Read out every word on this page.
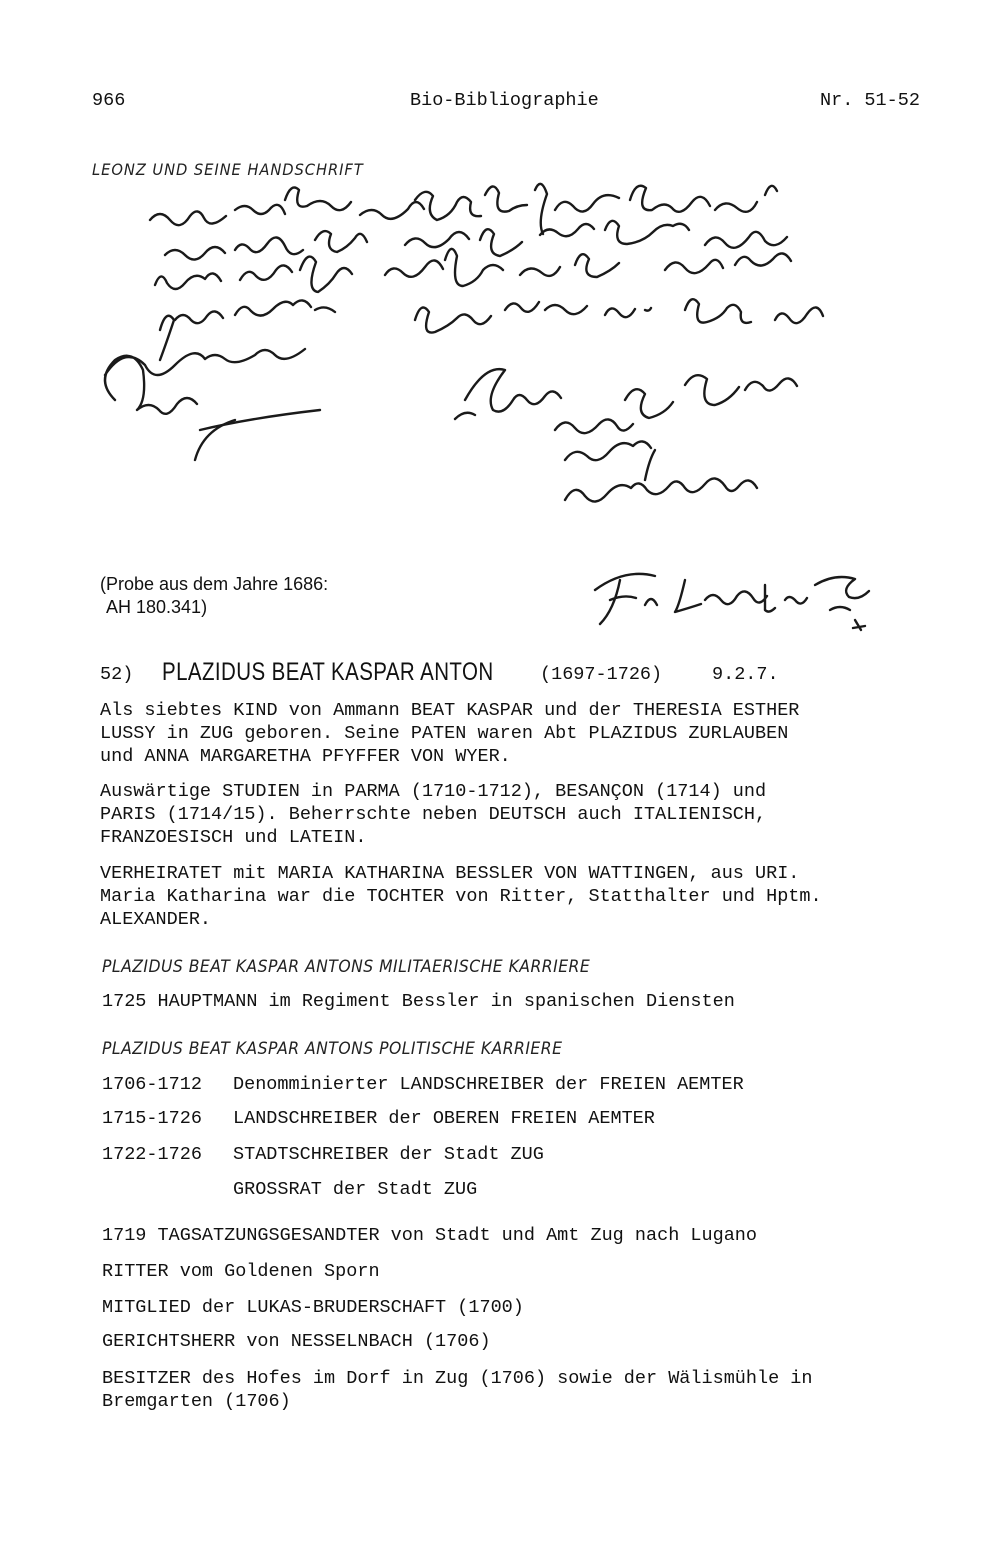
966	Bio-Bibliographie	Nr. 51-52
LEONZ UND SEINE HANDSCHRIFT
(Probe aus dem Jahre 1686:
AH 180.341)
52) PLAZIDUS BEAT KASPAR ANTON	(1697-1726)	9.2.7.

Als siebtes KIND von Ammann BEAT KASPAR und der THERESIA ESTHER

LUSSY in ZUG geboren. Seine PATEN waren Abt PLAZIDUS ZURLAUBEN

und ANNA MARGARETHA PFYFFER VON WYER.

Auswärtige STUDIEN in PARMA (1710-1712), BESANÇON (1714) und

PARIS (1714/15). Beherrschte neben DEUTSCH auch ITALIENISCH,

FRANZOESISCH und LATEIN.

VERHEIRATET mit MARIA KATHARINA BESSLER VON WATTINGEN, aus URI.

Maria Katharina war die TOCHTER von Ritter, Statthalter und Hptm.

ALEXANDER.

PLAZIDUS BEAT KASPAR ANTONS MILITAERISCHE KARRIERE
1725 HAUPTMANN im Regiment Bessler in spanischen Diensten
PLAZIDUS BEAT KASPAR ANTONS POLITISCHE KARRIERE
1706-1712 Denomminierter LANDSCHREIBER der FREIEN AEMTER
1715-1726 LANDSCHREIBER der OBEREN FREIEN AEMTER
1722-1726 STADTSCHREIBER der Stadt ZUG
GROSSRAT der Stadt ZUG
1719 TAGSATZUNGSGESANDTER von Stadt und Amt Zug nach Lugano
RITTER vom Goldenen Sporn
MITGLIED der LUKAS-BRUDERSCHAFT (1700)
GERICHTSHERR von NESSELNBACH (1706)

BESITZER des Hofes im Dorf in Zug (1706) sowie der Wälismühle in

Bremgarten (1706)
